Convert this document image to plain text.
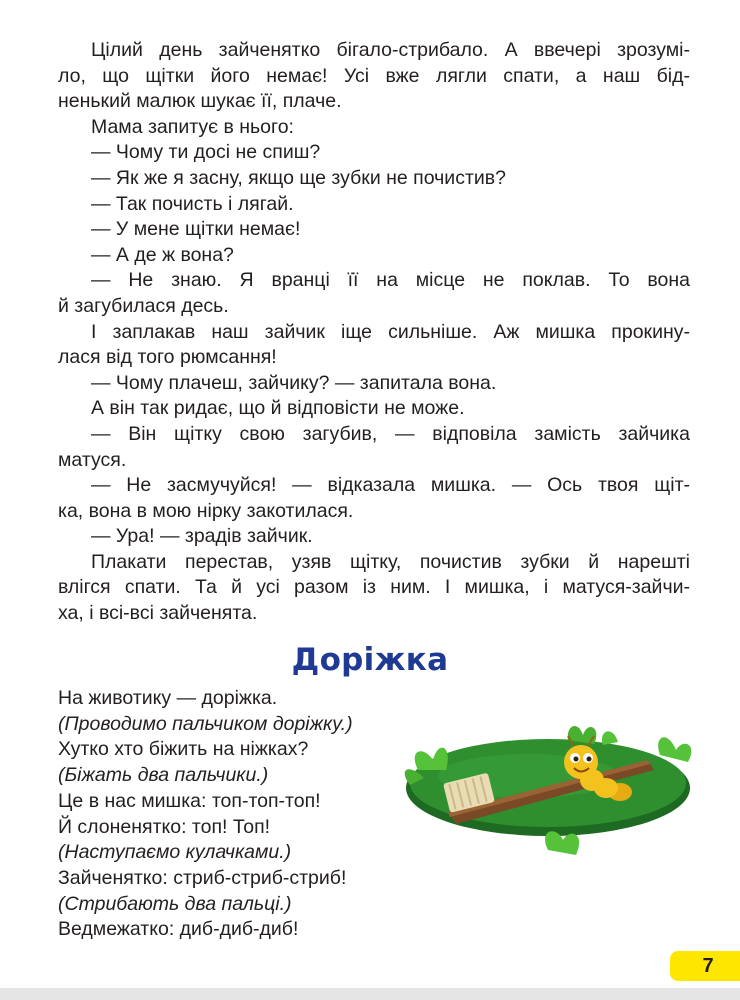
Цілий день зайченятко бігало-стрибало. А ввечері зрозумі-
ло, що щітки його немає! Усі вже лягли спати, а наш бід-
ненький малюк шукає її, плаче.

Мама запитує в нього:

— Чому ти досі не спиш?

— Як же я засну, якщо ще зубки не почистив?

— Так почисть і лягай.

— У мене щітки немає!

— А де ж вона?

— Не знаю. Я вранці її на місце не поклав. То вона
й загубилася десь.

І заплакав наш зайчик іще сильніше. Аж мишка прокину-
лася від того рюмсання!

— Чому плачеш, зайчику? — запитала вона.

А він так ридає, що й відповісти не може.

— Він щітку свою загубив, — відповіла замість зайчика
матуся.

— Не засмучуйся! — відказала мишка. — Ось твоя щіт-
ка, вона в мою нірку закотилася.

— Ура! — зрадів зайчик.

Плакати перестав, узяв щітку, почистив зубки й нарешті
влігся спати. Та й усі разом із ним. І мишка, і матуся-зайчи-
ха, і всі-всі зайченята.

Доріжка
На животику — доріжка.
(Проводимо пальчиком доріжку.)
Хутко хто біжить на ніжках?
(Біжать два пальчики.)
Це в нас мишка: топ-топ-топ!
Й слоненятко: топ! Топ!
(Наступаємо кулачками.)
Зайченятко: стриб-стриб-стриб!
(Стрибають два пальці.)
Ведмежатко: диб-диб-диб!
7
